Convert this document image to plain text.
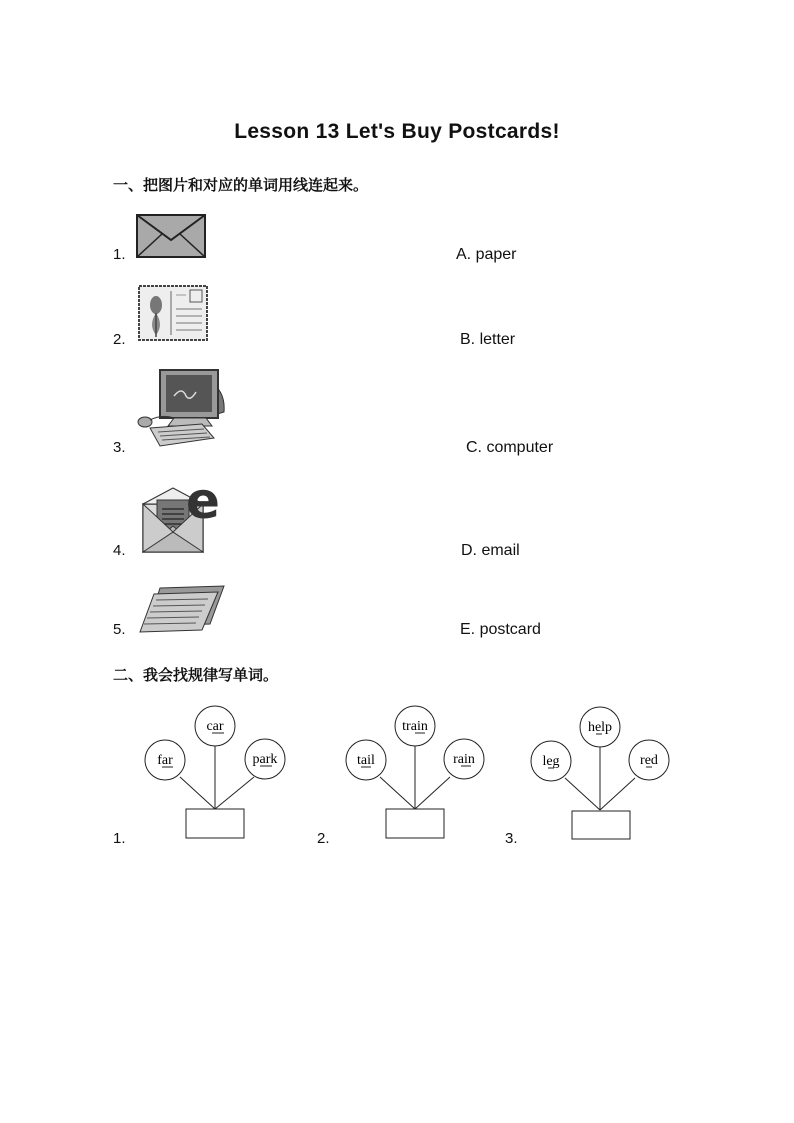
Lesson 13 Let's Buy Postcards!
一、把图片和对应的单词用线连起来。
1.
2.
3.
4.
5.
e
A. paper
B. letter
C. computer
D. email
E. postcard
二、我会找规律写单词。
1.	2.	3.
far
car
park	tail
train
rain	leg
help
red
